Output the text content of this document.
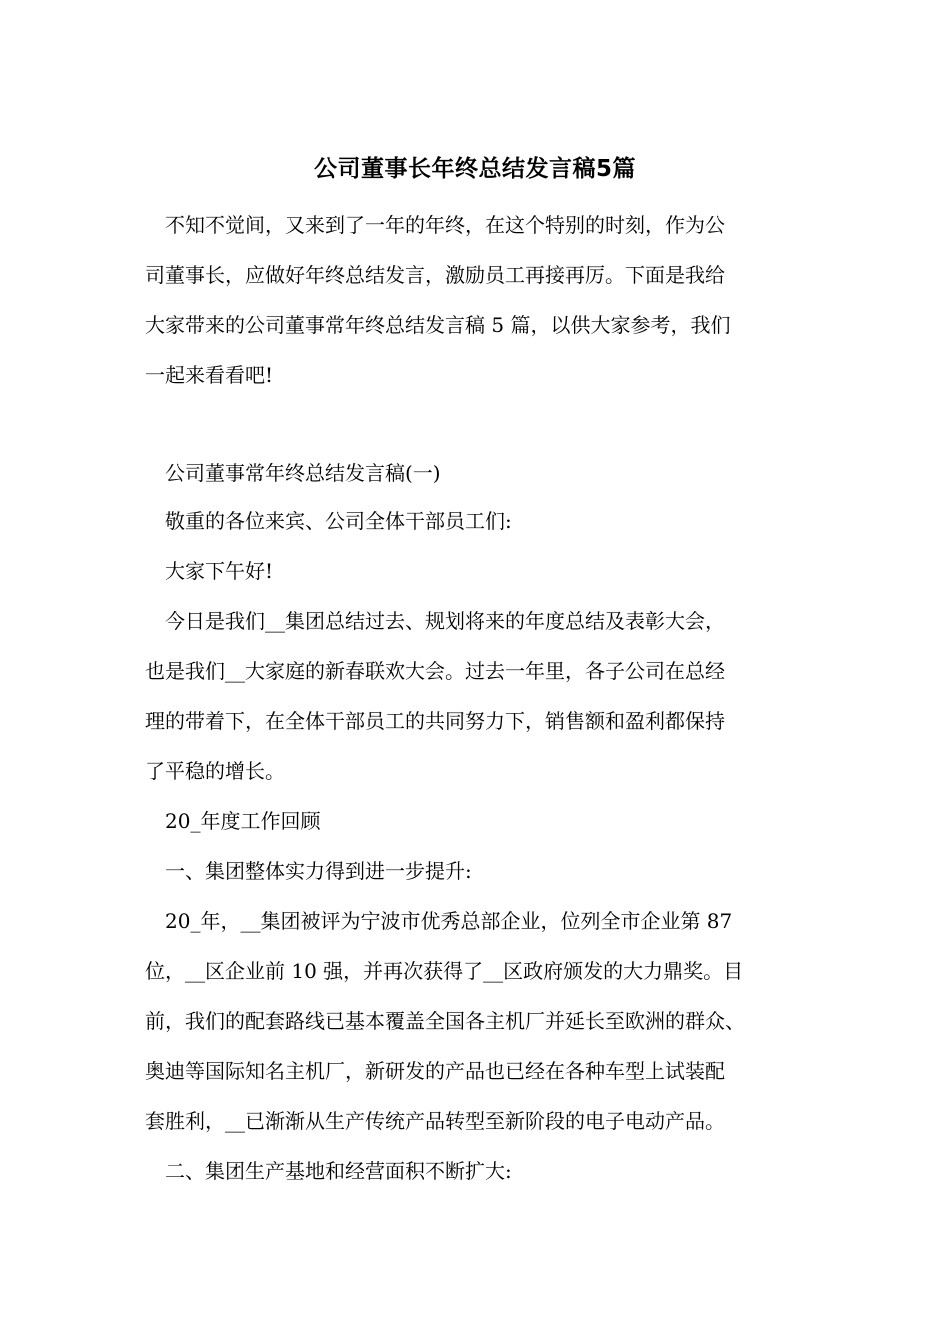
公司董事长年终总结发言稿5篇
不知不觉间，又来到了一年的年终，在这个特别的时刻，作为公
司董事长，应做好年终总结发言，激励员工再接再厉。下面是我给
大家带来的公司董事常年终总结发言稿 5 篇，以供大家参考，我们
一起来看看吧!
公司董事常年终总结发言稿(一)
敬重的各位来宾、公司全体干部员工们:
大家下午好!
今日是我们__集团总结过去、规划将来的年度总结及表彰大会，
也是我们__大家庭的新春联欢大会。过去一年里，各子公司在总经
理的带着下，在全体干部员工的共同努力下，销售额和盈利都保持
了平稳的增长。
20_年度工作回顾
一、集团整体实力得到进一步提升:
20_年，__集团被评为宁波市优秀总部企业，位列全市企业第 87
位，__区企业前 10 强，并再次获得了__区政府颁发的大力鼎奖。目
前，我们的配套路线已基本覆盖全国各主机厂并延长至欧洲的群众、
奥迪等国际知名主机厂，新研发的产品也已经在各种车型上试装配
套胜利，__已渐渐从生产传统产品转型至新阶段的电子电动产品。
二、集团生产基地和经营面积不断扩大:
